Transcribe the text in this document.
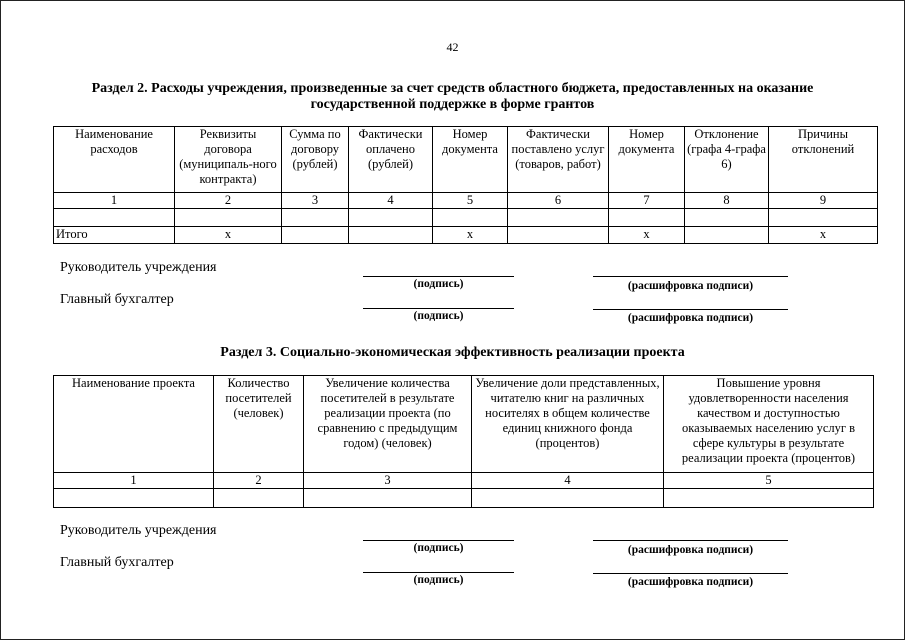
42
Раздел 2. Расходы учреждения, произведенные за счет средств областного бюджета, предоставленных на оказание
государственной поддержке в форме грантов
Наименование расходов	Реквизиты договора (муниципаль-ного контракта)	Сумма по договору (рублей)	Фактически оплачено (рублей)	Номер документа	Фактически поставлено услуг (товаров, работ)	Номер документа	Отклонение (графа 4-графа 6)	Причины отклонений
1	2	3	4	5	6	7	8	9

Итого	x			x		x		x
Руководитель учреждения
(подпись)	(расшифровка подписи)
Главный бухгалтер
(подпись)	(расшифровка подписи)
Раздел 3. Социально-экономическая эффективность реализации проекта
Наименование проекта	Количество посетителей (человек)	Увеличение количества посетителей в результате реализации проекта (по сравнению с предыдущим годом) (человек)	Увеличение доли представленных, читателю книг на различных носителях в общем количестве единиц книжного фонда (процентов)	Повышение уровня удовлетворенности населения качеством и доступностью оказываемых населению услуг в сфере культуры в результате реализации проекта (процентов)
1	2	3	4	5

Руководитель учреждения
(подпись)	(расшифровка подписи)
Главный бухгалтер
(подпись)	(расшифровка подписи)
